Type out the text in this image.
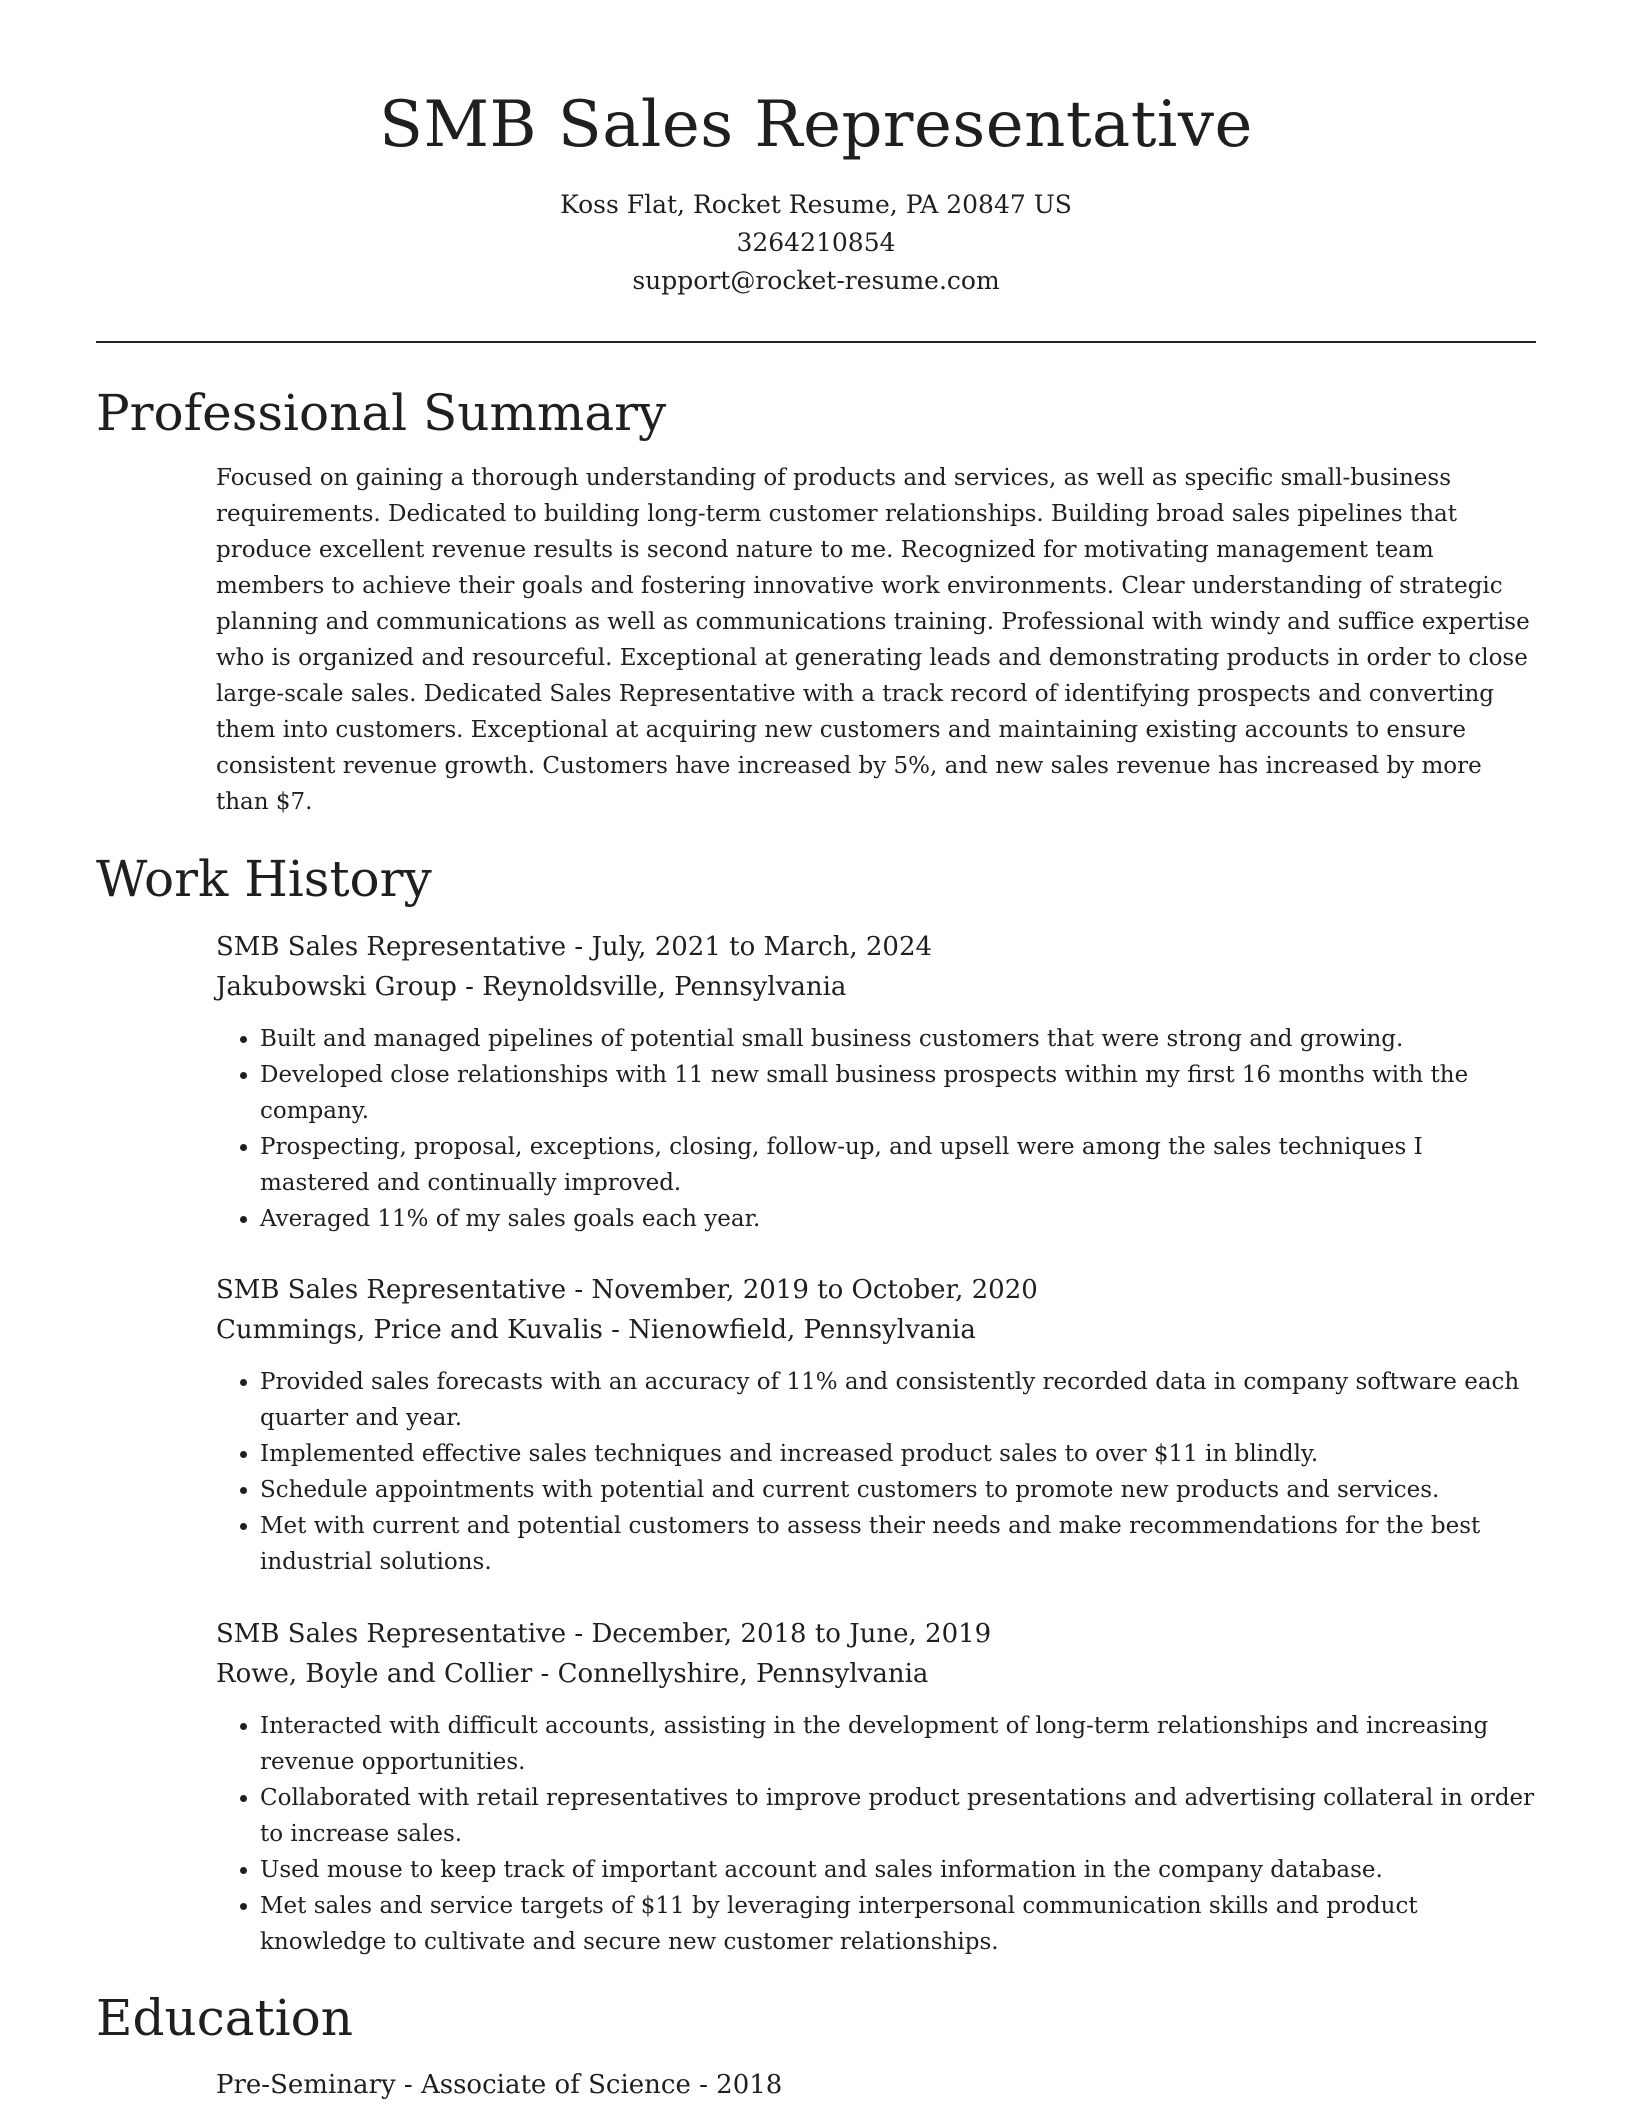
SMB Sales Representative
Koss Flat, Rocket Resume, PA 20847 US
3264210854
support@rocket-resume.com
Professional Summary

Focused on gaining a thorough understanding of products and services, as well as specific small-business requirements. Dedicated to building long-term customer relationships. Building broad sales pipelines that produce excellent revenue results is second nature to me. Recognized for motivating management team members to achieve their goals and fostering innovative work environments. Clear understanding of strategic planning and communications as well as communications training. Professional with windy and suffice expertise who is organized and resourceful. Exceptional at generating leads and demonstrating products in order to close large-scale sales. Dedicated Sales Representative with a track record of identifying prospects and converting them into customers. Exceptional at acquiring new customers and maintaining existing accounts to ensure consistent revenue growth. Customers have increased by 5%, and new sales revenue has increased by more than $7.

Work History
SMB Sales Representative - July, 2021 to March, 2024
Jakubowski Group - Reynoldsville, Pennsylvania
• Built and managed pipelines of potential small business customers that were strong and growing.
• Developed close relationships with 11 new small business prospects within my first 16 months with the company.
• Prospecting, proposal, exceptions, closing, follow-up, and upsell were among the sales techniques I mastered and continually improved.
• Averaged 11% of my sales goals each year.
SMB Sales Representative - November, 2019 to October, 2020
Cummings, Price and Kuvalis - Nienowfield, Pennsylvania
• Provided sales forecasts with an accuracy of 11% and consistently recorded data in company software each quarter and year.
• Implemented effective sales techniques and increased product sales to over $11 in blindly.
• Schedule appointments with potential and current customers to promote new products and services.
• Met with current and potential customers to assess their needs and make recommendations for the best industrial solutions.
SMB Sales Representative - December, 2018 to June, 2019
Rowe, Boyle and Collier - Connellyshire, Pennsylvania
• Interacted with difficult accounts, assisting in the development of long-term relationships and increasing revenue opportunities.
• Collaborated with retail representatives to improve product presentations and advertising collateral in order to increase sales.
• Used mouse to keep track of important account and sales information in the company database.
• Met sales and service targets of $11 by leveraging interpersonal communication skills and product knowledge to cultivate and secure new customer relationships.
Education
Pre-Seminary - Associate of Science - 2018
